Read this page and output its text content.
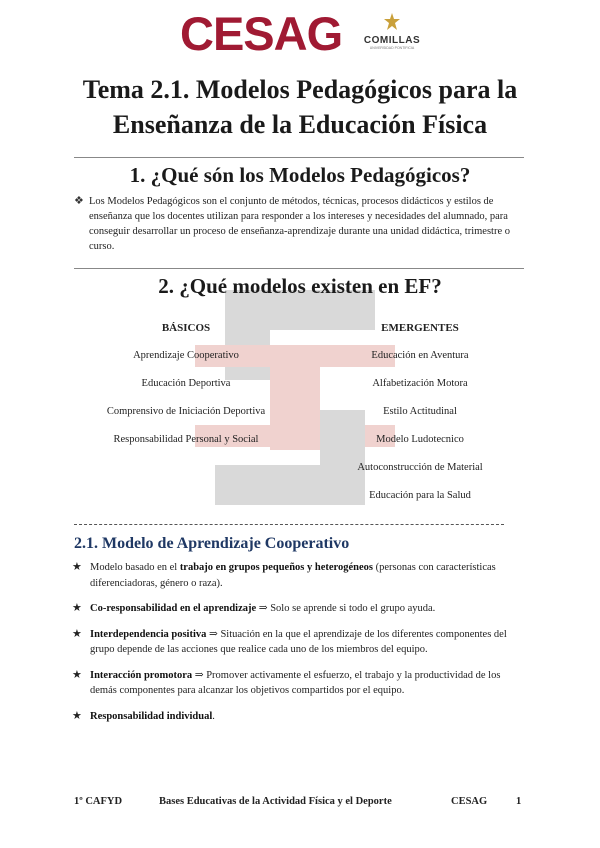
CESAG	COMILLAS
UNIVERSIDAD PONTIFICIA
Tema 2.1. Modelos Pedagógicos para la
Enseñanza de la Educación Física
1. ¿Qué són los Modelos Pedagógicos?
❖ Los Modelos Pedagógicos son el conjunto de métodos, técnicas, procesos didácticos y estilos de enseñanza que los docentes utilizan para responder a los intereses y necesidades del alumnado, para conseguir desarrollar un proceso de enseñanza-aprendizaje durante una unidad didáctica, trimestre o curso.
2. ¿Qué modelos existen en EF?
BÁSICOS
Aprendizaje Cooperativo
Educación Deportiva
Comprensivo de Iniciación Deportiva
Responsabilidad Personal y Social
EMERGENTES
Educación en Aventura
Alfabetización Motora
Estilo Actitudinal
Modelo Ludotecnico
Autoconstrucción de Material
Educación para la Salud
2.1. Modelo de Aprendizaje Cooperativo
★ Modelo basado en el trabajo en grupos pequeños y heterogéneos (personas con características diferenciadoras, género o raza).
★ Co-responsabilidad en el aprendizaje ⇒ Solo se aprende si todo el grupo ayuda.
★ Interdependencia positiva ⇒ Situación en la que el aprendizaje de los diferentes componentes del grupo depende de las acciones que realice cada uno de los miembros del equipo.
★ Interacción promotora ⇒ Promover activamente el esfuerzo, el trabajo y la productividad de los demás componentes para alcanzar los objetivos compartidos por el equipo.
★ Responsabilidad individual.
1º CAFYD	Bases Educativas de la Actividad Física y el Deporte	CESAG	1
